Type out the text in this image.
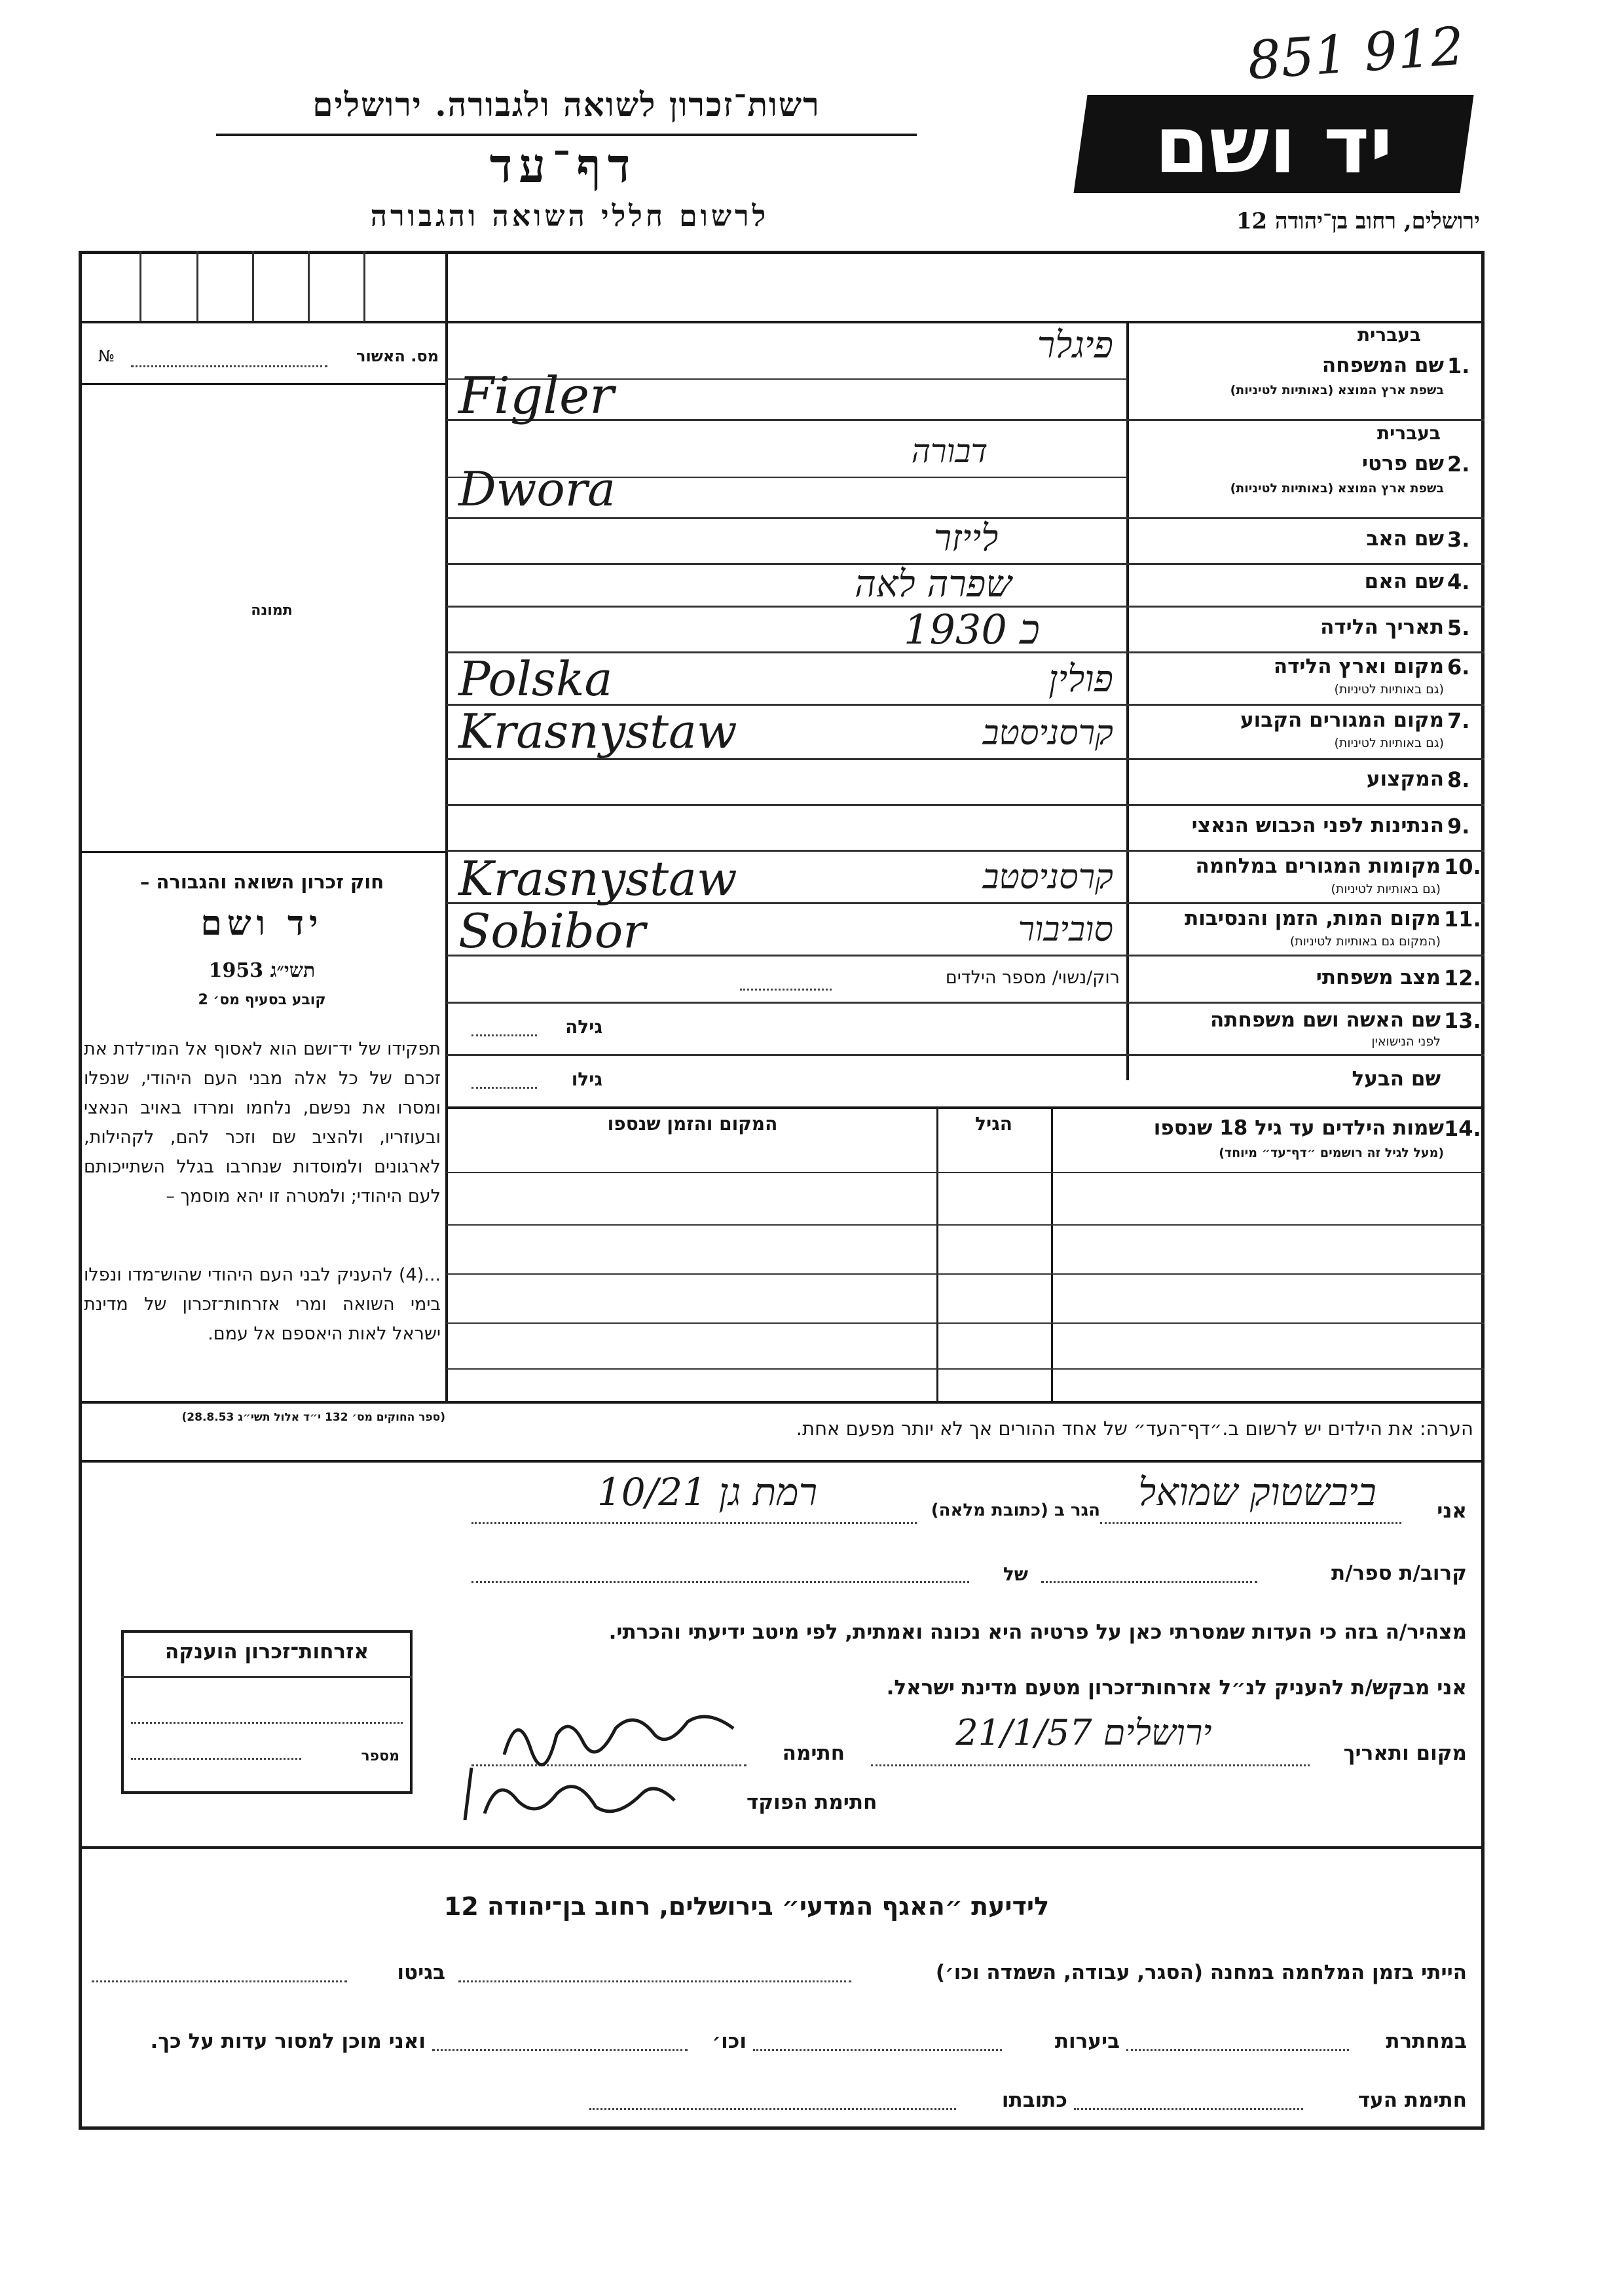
851 912
רשות־זכרון לשואה ולגבורה. ירושלים
דף־עד
לרשום חללי השואה והגבורה
יד ושם
ירושלים, רחוב בן־יהודה 12
מס. האשור
№
תמונה
חוק זכרון השואה והגבורה –
יד ושם
תשי״ג 1953
קובע בסעיף מס׳ 2
תפקידו של יד־ושם הוא לאסוף אל המו־לדת את זכרם של כל אלה מבני העם היהודי, שנפלו ומסרו את נפשם, נלחמו ומרדו באויב הנאצי ובעוזריו, ולהציב שם וזכר להם, לקהילות, לארגונים ולמוסדות שנחרבו בגלל השתייכותם לעם היהודי; ולמטרה זו יהא מוסמך –
...(4) להעניק לבני העם היהודי שהוש־מדו ונפלו בימי השואה ומרי אזרחות־זכרון של מדינת ישראל לאות היאספם אל עמם.
(ספר החוקים מס׳ 132 י״ד אלול תשי״ג 28.8.53)
בעברית
1.
שם המשפחה
בשפת ארץ המוצא (באותיות לטיניות)
פיגלר
Figler
בעברית
2.
שם פרטי
בשפת ארץ המוצא (באותיות לטיניות)
דבורה
Dwora
3.
שם האב
לייזר
4.
שם האם
שפרה לאה
5.
תאריך הלידה
1930 כ
6.
מקום וארץ הלידה
(גם באותיות לטיניות)
Polska	פולין
7.
מקום המגורים הקבוע
(גם באותיות לטיניות)
Krasnystaw	קרסניסטב
8.
המקצוע
9.
הנתינות לפני הכבוש הנאצי
10.
מקומות המגורים במלחמה
(גם באותיות לטיניות)
Krasnystaw	קרסניסטב
11.
מקום המות, הזמן והנסיבות
(המקום גם באותיות לטיניות)
Sobibor	סוביבור
12.
מצב משפחתי
רוק/נשוי/ מספר הילדים
13.
שם האשה ושם משפחתה
לפני הנישואין
גילה
שם הבעל
גילו
14.
שמות הילדים עד גיל 18 שנספו
(מעל לגיל זה רושמים ״דף־עד״ מיוחד)
הגיל
המקום והזמן שנספו
הערה: את הילדים יש לרשום ב.״דף־העד״ של אחד ההורים אך לא יותר מפעם אחת.
אני
ביבשטוק שמואל
הגר ב (כתובת מלאה)
רמת גן 10/21
קרוב/ת ספר/ת
של
מצהיר/ה בזה כי העדות שמסרתי כאן על פרטיה היא נכונה ואמתית, לפי מיטב ידיעתי והכרתי.
אני מבקש/ת להעניק לנ״ל אזרחות־זכרון מטעם מדינת ישראל.
מקום ותאריך
ירושלים 21/1/57
חתימה
חתימת הפוקד
אזרחות־זכרון הוענקה
מספר
לידיעת ״האגף המדעי״ בירושלים, רחוב בן־יהודה 12
הייתי בזמן המלחמה במחנה (הסגר, עבודה, השמדה וכו׳)
בגיטו
במחתרת
ביערות
וכו׳
ואני מוכן למסור עדות על כך.
חתימת העד
כתובתו
